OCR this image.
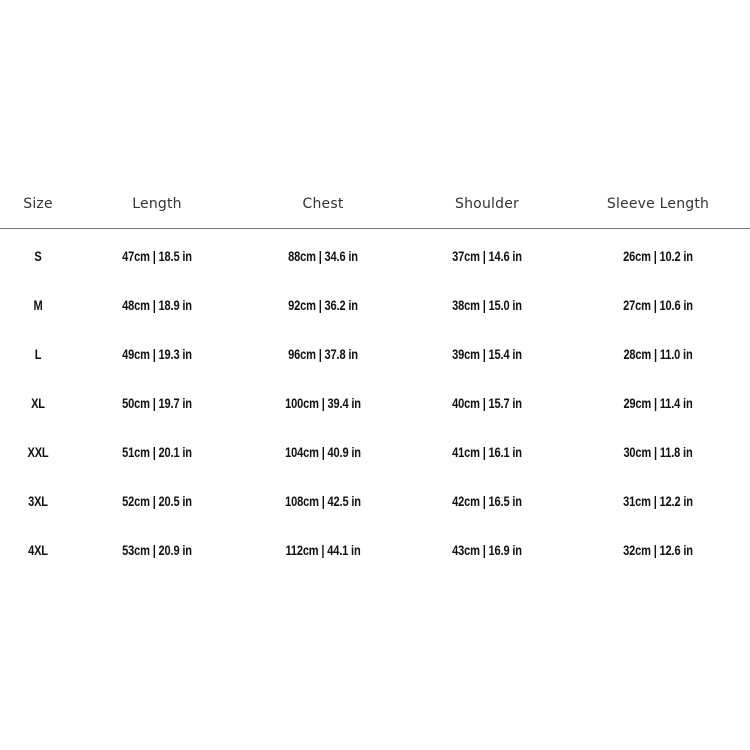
Size	Length	Chest	Shoulder	Sleeve Length
S	47cm | 18.5 in	88cm | 34.6 in	37cm | 14.6 in	26cm | 10.2 in
M	48cm | 18.9 in	92cm | 36.2 in	38cm | 15.0 in	27cm | 10.6 in
L	49cm | 19.3 in	96cm | 37.8 in	39cm | 15.4 in	28cm | 11.0 in
XL	50cm | 19.7 in	100cm | 39.4 in	40cm | 15.7 in	29cm | 11.4 in
XXL	51cm | 20.1 in	104cm | 40.9 in	41cm | 16.1 in	30cm | 11.8 in
3XL	52cm | 20.5 in	108cm | 42.5 in	42cm | 16.5 in	31cm | 12.2 in
4XL	53cm | 20.9 in	112cm | 44.1 in	43cm | 16.9 in	32cm | 12.6 in
